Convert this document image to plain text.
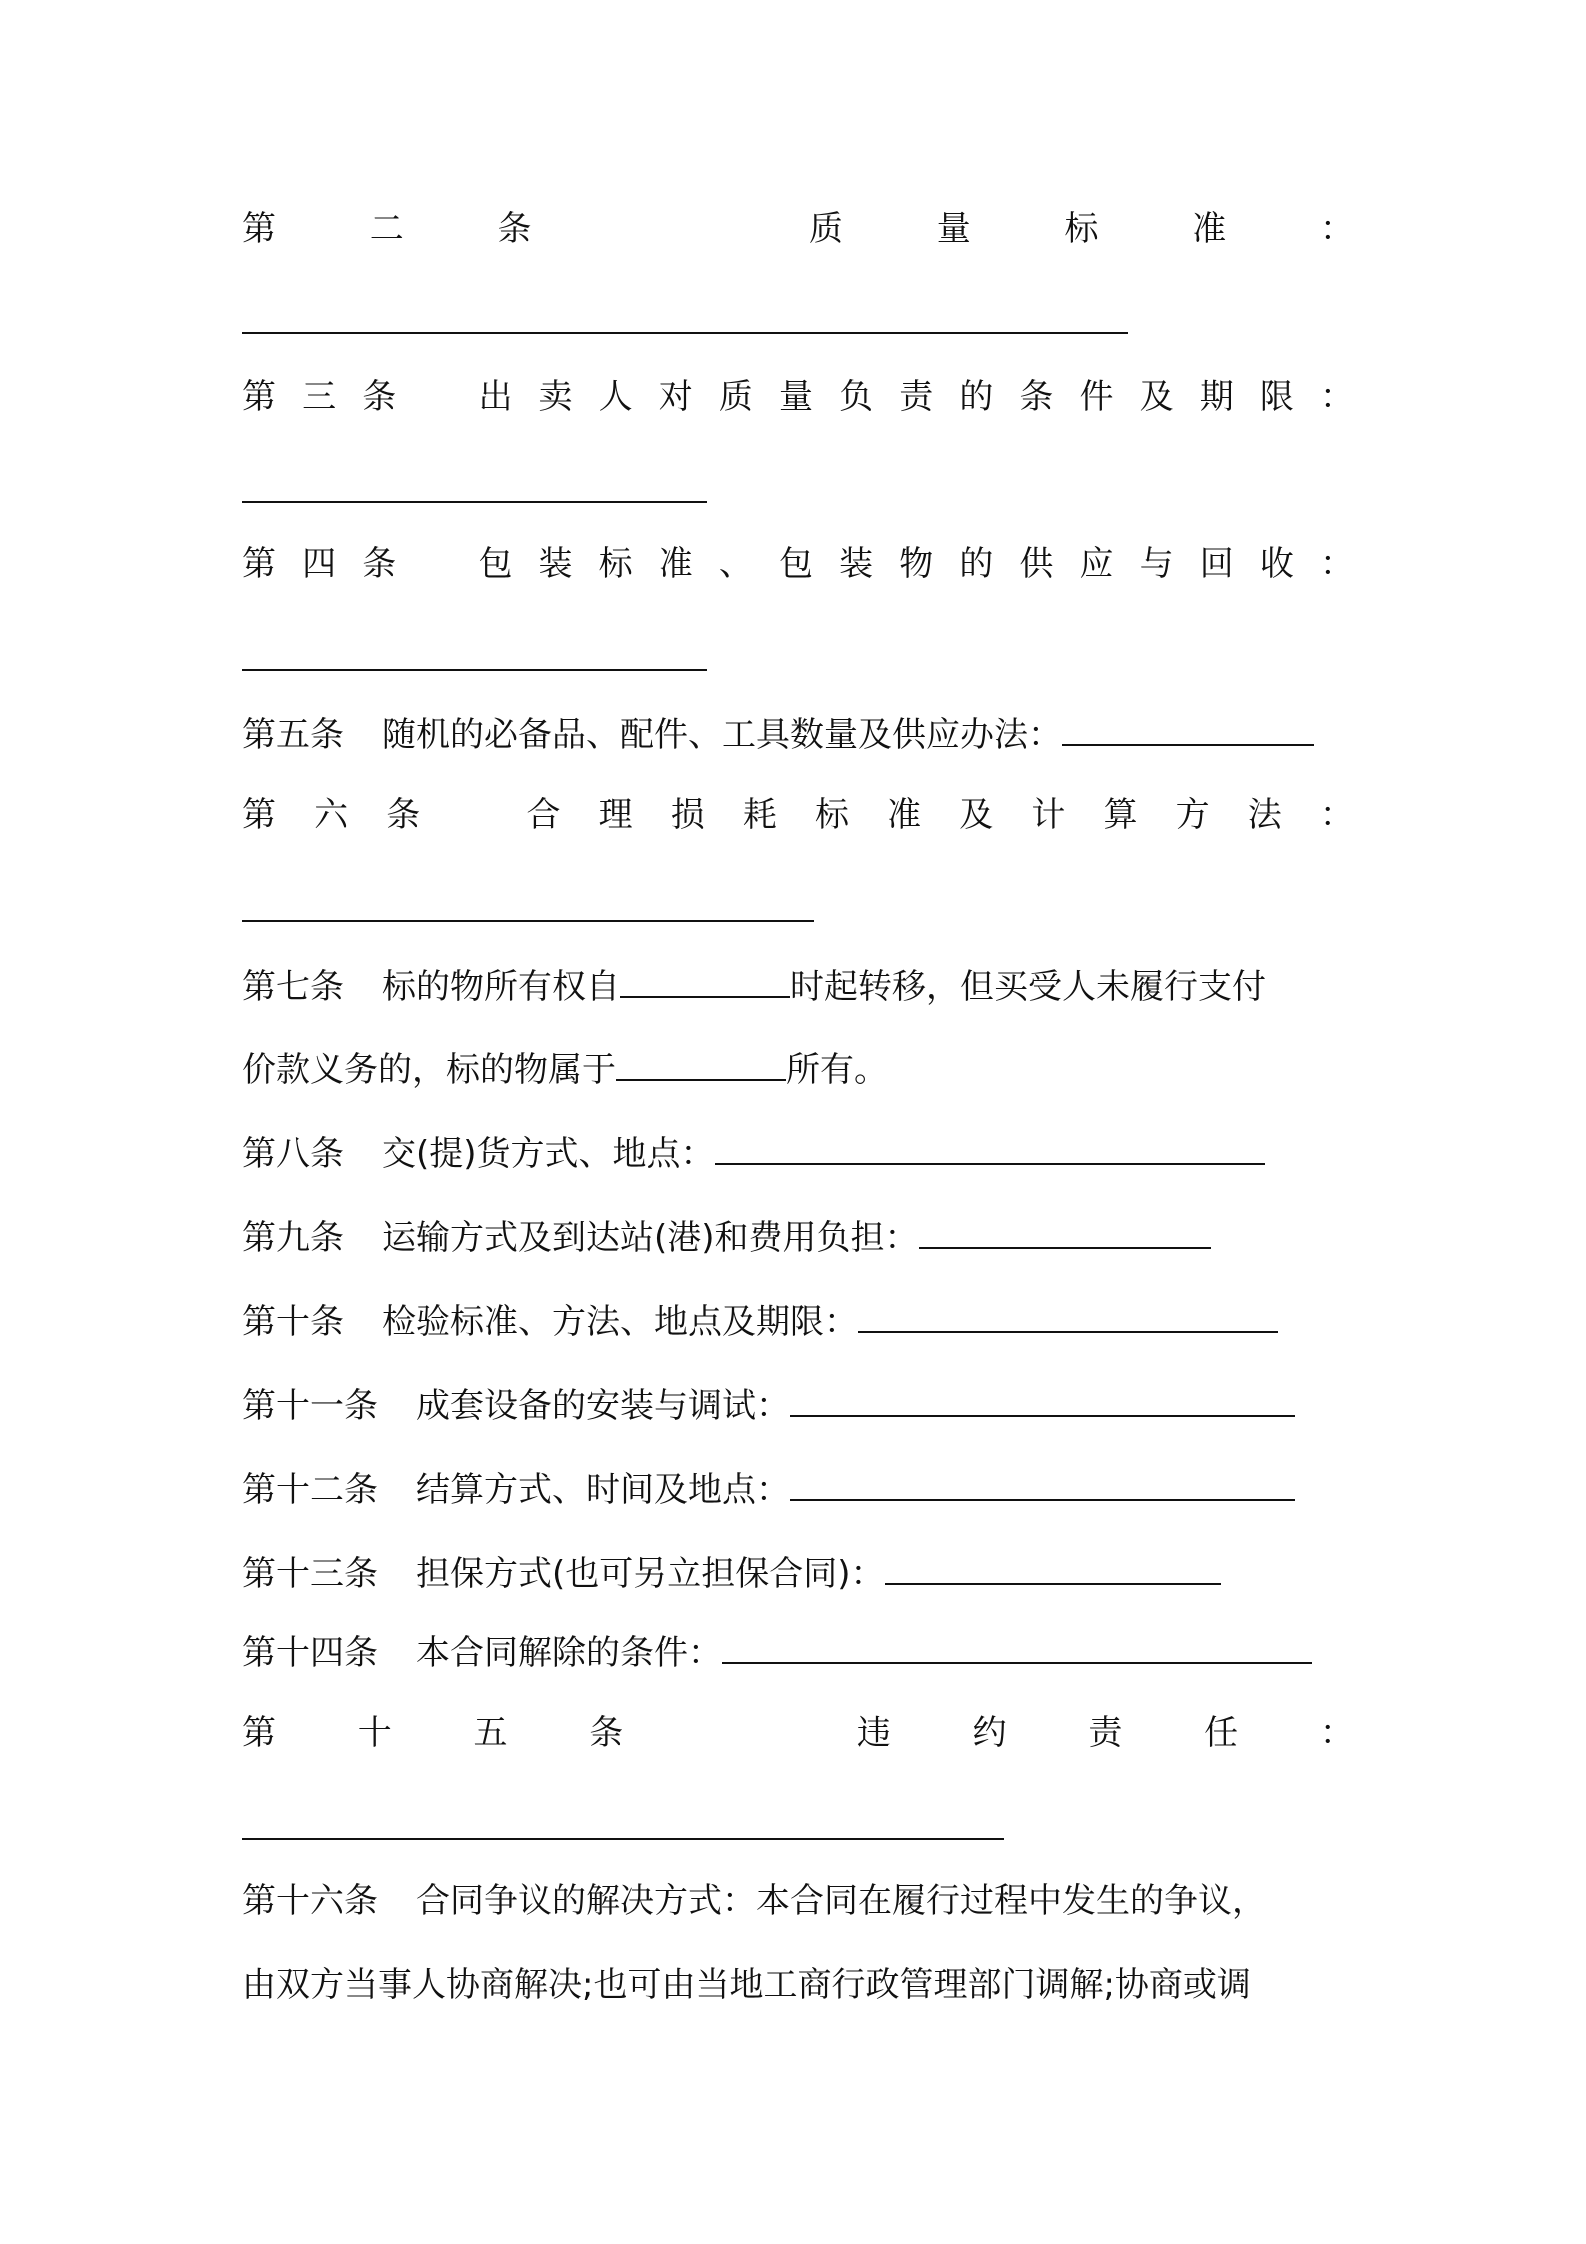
第	二	条	质	量	标	准	：
第 三 条 出 卖 人 对 质 量 负 责 的 条 件 及 期 限 ：
第 四 条 包 装 标 准 、 包 装 物 的 供 应 与 回 收 ：
第五条 随机的必备品、配件、工具数量及供应办法：
第 六 条	合 理 损 耗 标 准 及 计 算 方 法 ：
第七条 标的物所有权自	时起转移，但买受人未履行支付
价款义务的，标的物属于	所有。
第八条 交(提)货方式、地点：
第九条 运输方式及到达站(港)和费用负担：
第十条 检验标准、方法、地点及期限：
第十一条 成套设备的安装与调试：
第十二条 结算方式、时间及地点：
第十三条 担保方式(也可另立担保合同)：
第十四条 本合同解除的条件：
第 十 五 条	违 约 责 任 ：
第十六条 合同争议的解决方式：本合同在履行过程中发生的争议，
由双方当事人协商解决;也可由当地工商行政管理部门调解;协商或调
